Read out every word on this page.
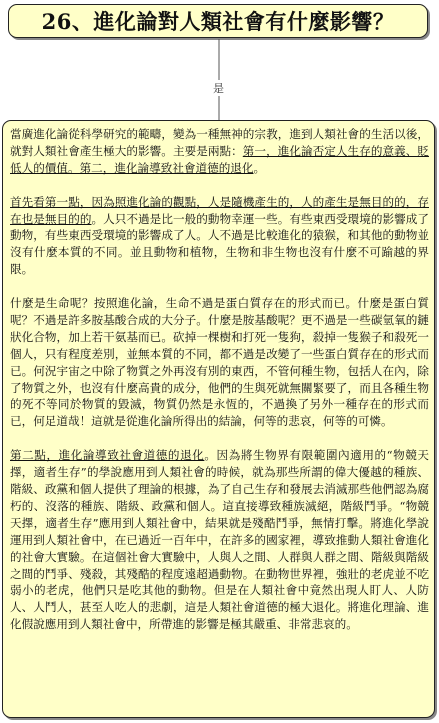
26、進化論對人類社會有什麼影響？
是

當廣進化論從科學研究的範疇，變為一種無神的宗教，進到人類社會的生活以後，就對人類社會產生極大的影響。主要是兩點：第一，進化論否定人生存的意義、貶低人的價值。第二，進化論導致社會道德的退化。

首先看第一點，因為照進化論的觀點，人是隨機產生的，人的產生是無目的的，存在也是無目的的。人只不過是比一般的動物幸運一些。有些東西受環境的影響成了動物，有些東西受環境的影響成了人。人不過是比較進化的猿猴，和其他的動物並沒有什麼本質的不同。並且動物和植物，生物和非生物也沒有什麼不可踰越的界限。

什麼是生命呢？按照進化論，生命不過是蛋白質存在的形式而已。什麼是蛋白質呢？不過是許多胺基酸合成的大分子。什麼是胺基酸呢？更不過是一些碳氫氧的鏈狀化合物，加上若干氨基而已。砍掉一棵樹和打死一隻狗，殺掉一隻猴子和殺死一個人，只有程度差別，並無本質的不同，都不過是改變了一些蛋白質存在的形式而已。何況宇宙之中除了物質之外再沒有別的東西，不管何種生物，包括人在內，除了物質之外，也沒有什麼高貴的成分，他們的生與死就無關緊要了，而且各種生物的死不等同於物質的毀滅，物質仍然是永恆的，不過換了另外一種存在的形式而已，何足道哉！這就是從進化論所得出的結論，何等的悲哀，何等的可憐。

第二點，進化論導致社會道德的退化。因為將生物界有限範圍內適用的“物競天擇，適者生存”的學說應用到人類社會的時候，就為那些所謂的偉大優越的種族、階級、政黨和個人提供了理論的根據，為了自己生存和發展去消滅那些他們認為腐朽的、沒落的種族、階級、政黨和個人。這直接導致種族滅絕，階級鬥爭。“物競天擇，適者生存”應用到人類社會中，結果就是殘酷鬥爭，無情打擊。將進化學說運用到人類社會中，在已過近一百年中，在許多的國家裡，導致推動人類社會進化的社會大實驗。在這個社會大實驗中，人與人之間、人群與人群之間、階級與階級之間的鬥爭、殘殺，其殘酷的程度遠超過動物。在動物世界裡，強壯的老虎並不吃弱小的老虎，他們只是吃其他的動物。但是在人類社會中竟然出現人盯人、人防人、人鬥人，甚至人吃人的悲劇，這是人類社會道德的極大退化。將進化理論、進化假說應用到人類社會中，所帶進的影響是極其嚴重、非常悲哀的。
